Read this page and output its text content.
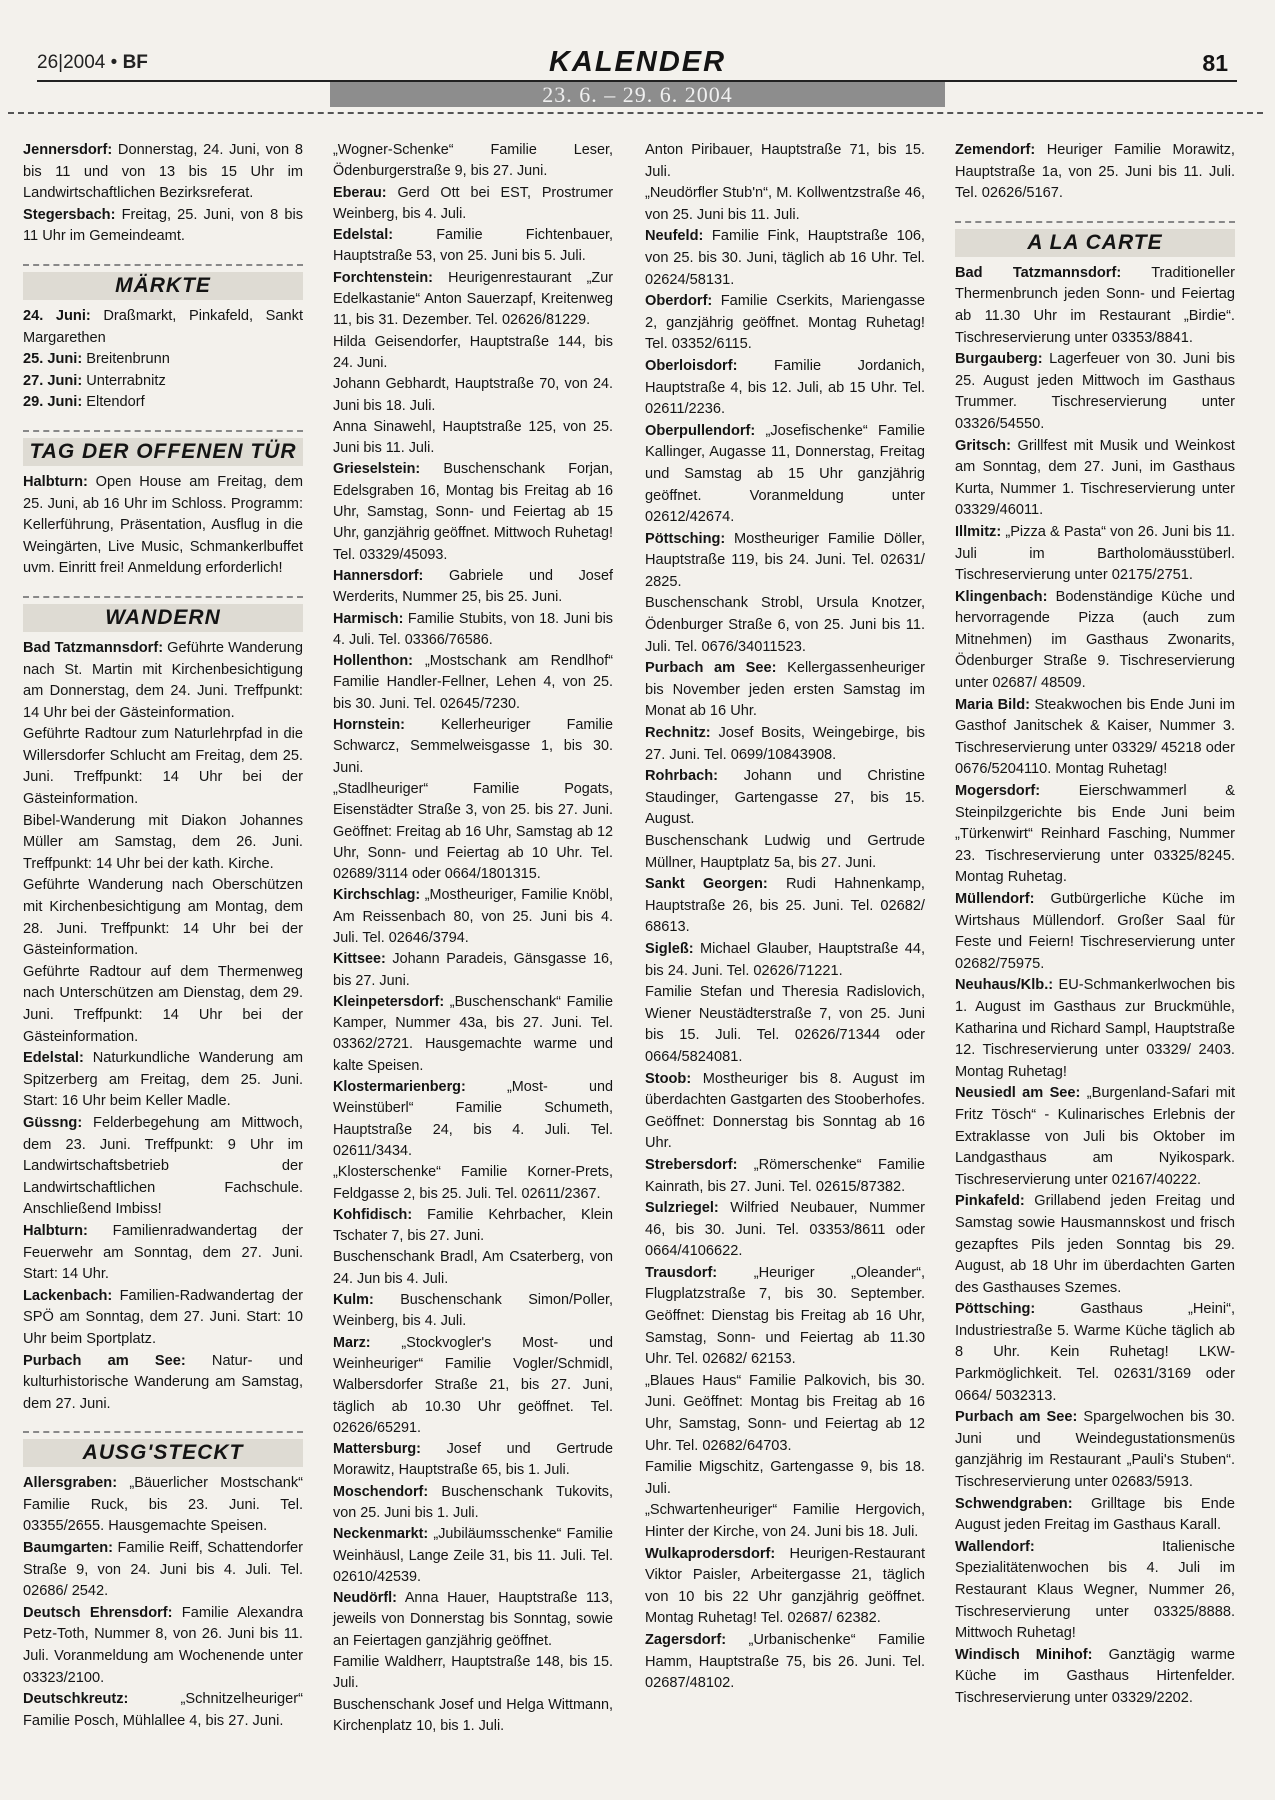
26|2004 • BF	KALENDER	81
23. 6. – 29. 6. 2004

Jennersdorf: Donnerstag, 24. Juni, von 8 bis 11 und von 13 bis 15 Uhr im Landwirtschaftlichen Bezirksreferat.

Stegersbach: Freitag, 25. Juni, von 8 bis 11 Uhr im Gemeindeamt.

MÄRKTE

24. Juni: Draßmarkt, Pinkafeld, Sankt Margarethen

25. Juni: Breitenbrunn

27. Juni: Unterrabnitz

29. Juni: Eltendorf

TAG DER OFFENEN TÜR

Halbturn: Open House am Freitag, dem 25. Juni, ab 16 Uhr im Schloss. Programm: Kellerführung, Präsentation, Ausflug in die Weingärten, Live Music, Schmankerlbuffet uvm. Einritt frei! Anmeldung erforderlich!

WANDERN

Bad Tatzmannsdorf: Geführte Wanderung nach St. Martin mit Kirchenbesichtigung am Donnerstag, dem 24. Juni. Treffpunkt: 14 Uhr bei der Gästeinformation.

Geführte Radtour zum Naturlehrpfad in die Willersdorfer Schlucht am Freitag, dem 25. Juni. Treffpunkt: 14 Uhr bei der Gästeinformation.

Bibel-Wanderung mit Diakon Johannes Müller am Samstag, dem 26. Juni. Treffpunkt: 14 Uhr bei der kath. Kirche.

Geführte Wanderung nach Oberschützen mit Kirchenbesichtigung am Montag, dem 28. Juni. Treffpunkt: 14 Uhr bei der Gästeinformation.

Geführte Radtour auf dem Thermenweg nach Unterschützen am Dienstag, dem 29. Juni. Treffpunkt: 14 Uhr bei der Gästeinformation.

Edelstal: Naturkundliche Wanderung am Spitzerberg am Freitag, dem 25. Juni. Start: 16 Uhr beim Keller Madle.

Güssng: Felderbegehung am Mittwoch, dem 23. Juni. Treffpunkt: 9 Uhr im Landwirtschaftsbetrieb der Landwirtschaftlichen Fachschule. Anschließend Imbiss!

Halbturn: Familienradwandertag der Feuerwehr am Sonntag, dem 27. Juni. Start: 14 Uhr.

Lackenbach: Familien-Radwandertag der SPÖ am Sonntag, dem 27. Juni. Start: 10 Uhr beim Sportplatz.

Purbach am See: Natur- und kulturhistorische Wanderung am Samstag, dem 27. Juni.

AUSG'STECKT

Allersgraben: „Bäuerlicher Mostschank“ Familie Ruck, bis 23. Juni. Tel. 03355/2655. Hausgemachte Speisen.

Baumgarten: Familie Reiff, Schattendorfer Straße 9, von 24. Juni bis 4. Juli. Tel. 02686/ 2542.

Deutsch Ehrensdorf: Familie Alexandra Petz-Toth, Nummer 8, von 26. Juni bis 11. Juli. Voranmeldung am Wochenende unter 03323/2100.

Deutschkreutz: „Schnitzelheuriger“ Familie Posch, Mühlallee 4, bis 27. Juni.

„Wogner-Schenke“ Familie Leser, Ödenburgerstraße 9, bis 27. Juni.

Eberau: Gerd Ott bei EST, Prostrumer Weinberg, bis 4. Juli.

Edelstal: Familie Fichtenbauer, Hauptstraße 53, von 25. Juni bis 5. Juli.

Forchtenstein: Heurigenrestaurant „Zur Edelkastanie“ Anton Sauerzapf, Kreitenweg 11, bis 31. Dezember. Tel. 02626/81229.

Hilda Geisendorfer, Hauptstraße 144, bis 24. Juni.

Johann Gebhardt, Hauptstraße 70, von 24. Juni bis 18. Juli.

Anna Sinawehl, Hauptstraße 125, von 25. Juni bis 11. Juli.

Grieselstein: Buschenschank Forjan, Edelsgraben 16, Montag bis Freitag ab 16 Uhr, Samstag, Sonn- und Feiertag ab 15 Uhr, ganzjährig geöffnet. Mittwoch Ruhetag! Tel. 03329/45093.

Hannersdorf: Gabriele und Josef Werderits, Nummer 25, bis 25. Juni.

Harmisch: Familie Stubits, von 18. Juni bis 4. Juli. Tel. 03366/76586.

Hollenthon: „Mostschank am Rendlhof“ Familie Handler-Fellner, Lehen 4, von 25. bis 30. Juni. Tel. 02645/7230.

Hornstein: Kellerheuriger Familie Schwarcz, Semmelweisgasse 1, bis 30. Juni.

„Stadlheuriger“ Familie Pogats, Eisenstädter Straße 3, von 25. bis 27. Juni. Geöffnet: Freitag ab 16 Uhr, Samstag ab 12 Uhr, Sonn- und Feiertag ab 10 Uhr. Tel. 02689/3114 oder 0664/1801315.

Kirchschlag: „Mostheuriger, Familie Knöbl, Am Reissenbach 80, von 25. Juni bis 4. Juli. Tel. 02646/3794.

Kittsee: Johann Paradeis, Gänsgasse 16, bis 27. Juni.

Kleinpetersdorf: „Buschenschank“ Familie Kamper, Nummer 43a, bis 27. Juni. Tel. 03362/2721. Hausgemachte warme und kalte Speisen.

Klostermarienberg: „Most- und Weinstüberl“ Familie Schumeth, Hauptstraße 24, bis 4. Juli. Tel. 02611/3434.

„Klosterschenke“ Familie Korner-Prets, Feldgasse 2, bis 25. Juli. Tel. 02611/2367.

Kohfidisch: Familie Kehrbacher, Klein Tschater 7, bis 27. Juni.

Buschenschank Bradl, Am Csaterberg, von 24. Jun bis 4. Juli.

Kulm: Buschenschank Simon/Poller, Weinberg, bis 4. Juli.

Marz: „Stockvogler's Most- und Weinheuriger“ Familie Vogler/Schmidl, Walbersdorfer Straße 21, bis 27. Juni, täglich ab 10.30 Uhr geöffnet. Tel. 02626/65291.

Mattersburg: Josef und Gertrude Morawitz, Hauptstraße 65, bis 1. Juli.

Moschendorf: Buschenschank Tukovits, von 25. Juni bis 1. Juli.

Neckenmarkt: „Jubiläumsschenke“ Familie Weinhäusl, Lange Zeile 31, bis 11. Juli. Tel. 02610/42539.

Neudörfl: Anna Hauer, Hauptstraße 113, jeweils von Donnerstag bis Sonntag, sowie an Feiertagen ganzjährig geöffnet.

Familie Waldherr, Hauptstraße 148, bis 15. Juli.

Buschenschank Josef und Helga Wittmann, Kirchenplatz 10, bis 1. Juli.

Anton Piribauer, Hauptstraße 71, bis 15. Juli.

„Neudörfler Stub'n“, M. Kollwentzstraße 46, von 25. Juni bis 11. Juli.

Neufeld: Familie Fink, Hauptstraße 106, von 25. bis 30. Juni, täglich ab 16 Uhr. Tel. 02624/58131.

Oberdorf: Familie Cserkits, Mariengasse 2, ganzjährig geöffnet. Montag Ruhetag! Tel. 03352/6115.

Oberloisdorf: Familie Jordanich, Hauptstraße 4, bis 12. Juli, ab 15 Uhr. Tel. 02611/2236.

Oberpullendorf: „Josefischenke“ Familie Kallinger, Augasse 11, Donnerstag, Freitag und Samstag ab 15 Uhr ganzjährig geöffnet. Voranmeldung unter 02612/42674.

Pöttsching: Mostheuriger Familie Döller, Hauptstraße 119, bis 24. Juni. Tel. 02631/ 2825.

Buschenschank Strobl, Ursula Knotzer, Ödenburger Straße 6, von 25. Juni bis 11. Juli. Tel. 0676/34011523.

Purbach am See: Kellergassenheuriger bis November jeden ersten Samstag im Monat ab 16 Uhr.

Rechnitz: Josef Bosits, Weingebirge, bis 27. Juni. Tel. 0699/10843908.

Rohrbach: Johann und Christine Staudinger, Gartengasse 27, bis 15. August.

Buschenschank Ludwig und Gertrude Müllner, Hauptplatz 5a, bis 27. Juni.

Sankt Georgen: Rudi Hahnenkamp, Hauptstraße 26, bis 25. Juni. Tel. 02682/ 68613.

Sigleß: Michael Glauber, Hauptstraße 44, bis 24. Juni. Tel. 02626/71221.

Familie Stefan und Theresia Radislovich, Wiener Neustädterstraße 7, von 25. Juni bis 15. Juli. Tel. 02626/71344 oder 0664/5824081.

Stoob: Mostheuriger bis 8. August im überdachten Gastgarten des Stooberhofes. Geöffnet: Donnerstag bis Sonntag ab 16 Uhr.

Strebersdorf: „Römerschenke“ Familie Kainrath, bis 27. Juni. Tel. 02615/87382.

Sulzriegel: Wilfried Neubauer, Nummer 46, bis 30. Juni. Tel. 03353/8611 oder 0664/4106622.

Trausdorf: „Heuriger „Oleander“, Flugplatzstraße 7, bis 30. September. Geöffnet: Dienstag bis Freitag ab 16 Uhr, Samstag, Sonn- und Feiertag ab 11.30 Uhr. Tel. 02682/ 62153.

„Blaues Haus“ Familie Palkovich, bis 30. Juni. Geöffnet: Montag bis Freitag ab 16 Uhr, Samstag, Sonn- und Feiertag ab 12 Uhr. Tel. 02682/64703.

Familie Migschitz, Gartengasse 9, bis 18. Juli.

„Schwartenheuriger“ Familie Hergovich, Hinter der Kirche, von 24. Juni bis 18. Juli.

Wulkaprodersdorf: Heurigen-Restaurant Viktor Paisler, Arbeitergasse 21, täglich von 10 bis 22 Uhr ganzjährig geöffnet. Montag Ruhetag! Tel. 02687/ 62382.

Zagersdorf: „Urbanischenke“ Familie Hamm, Hauptstraße 75, bis 26. Juni. Tel. 02687/48102.

Zemendorf: Heuriger Familie Morawitz, Hauptstraße 1a, von 25. Juni bis 11. Juli. Tel. 02626/5167.

A LA CARTE

Bad Tatzmannsdorf: Traditioneller Thermenbrunch jeden Sonn- und Feiertag ab 11.30 Uhr im Restaurant „Birdie“. Tischreservierung unter 03353/8841.

Burgauberg: Lagerfeuer von 30. Juni bis 25. August jeden Mittwoch im Gasthaus Trummer. Tischreservierung unter 03326/54550.

Gritsch: Grillfest mit Musik und Weinkost am Sonntag, dem 27. Juni, im Gasthaus Kurta, Nummer 1. Tischreservierung unter 03329/46011.

Illmitz: „Pizza & Pasta“ von 26. Juni bis 11. Juli im Bartholomäusstüberl. Tischreservierung unter 02175/2751.

Klingenbach: Bodenständige Küche und hervorragende Pizza (auch zum Mitnehmen) im Gasthaus Zwonarits, Ödenburger Straße 9. Tischreservierung unter 02687/ 48509.

Maria Bild: Steakwochen bis Ende Juni im Gasthof Janitschek & Kaiser, Nummer 3. Tischreservierung unter 03329/ 45218 oder 0676/5204110. Montag Ruhetag!

Mogersdorf: Eierschwammerl & Steinpilzgerichte bis Ende Juni beim „Türkenwirt“ Reinhard Fasching, Nummer 23. Tischreservierung unter 03325/8245. Montag Ruhetag.

Müllendorf: Gutbürgerliche Küche im Wirtshaus Müllendorf. Großer Saal für Feste und Feiern! Tischreservierung unter 02682/75975.

Neuhaus/Klb.: EU-Schmankerlwochen bis 1. August im Gasthaus zur Bruckmühle, Katharina und Richard Sampl, Hauptstraße 12. Tischreservierung unter 03329/ 2403. Montag Ruhetag!

Neusiedl am See: „Burgenland-Safari mit Fritz Tösch“ - Kulinarisches Erlebnis der Extraklasse von Juli bis Oktober im Landgasthaus am Nyikospark. Tischreservierung unter 02167/40222.

Pinkafeld: Grillabend jeden Freitag und Samstag sowie Hausmannskost und frisch gezapftes Pils jeden Sonntag bis 29. August, ab 18 Uhr im überdachten Garten des Gasthauses Szemes.

Pöttsching: Gasthaus „Heini“, Industriestraße 5. Warme Küche täglich ab 8 Uhr. Kein Ruhetag! LKW-Parkmöglichkeit. Tel. 02631/3169 oder 0664/ 5032313.

Purbach am See: Spargelwochen bis 30. Juni und Weindegustationsmenüs ganzjährig im Restaurant „Pauli's Stuben“. Tischreservierung unter 02683/5913.

Schwendgraben: Grilltage bis Ende August jeden Freitag im Gasthaus Karall.

Wallendorf: Italienische Spezialitätenwochen bis 4. Juli im Restaurant Klaus Wegner, Nummer 26, Tischreservierung unter 03325/8888. Mittwoch Ruhetag!

Windisch Minihof: Ganztägig warme Küche im Gasthaus Hirtenfelder. Tischreservierung unter 03329/2202.
